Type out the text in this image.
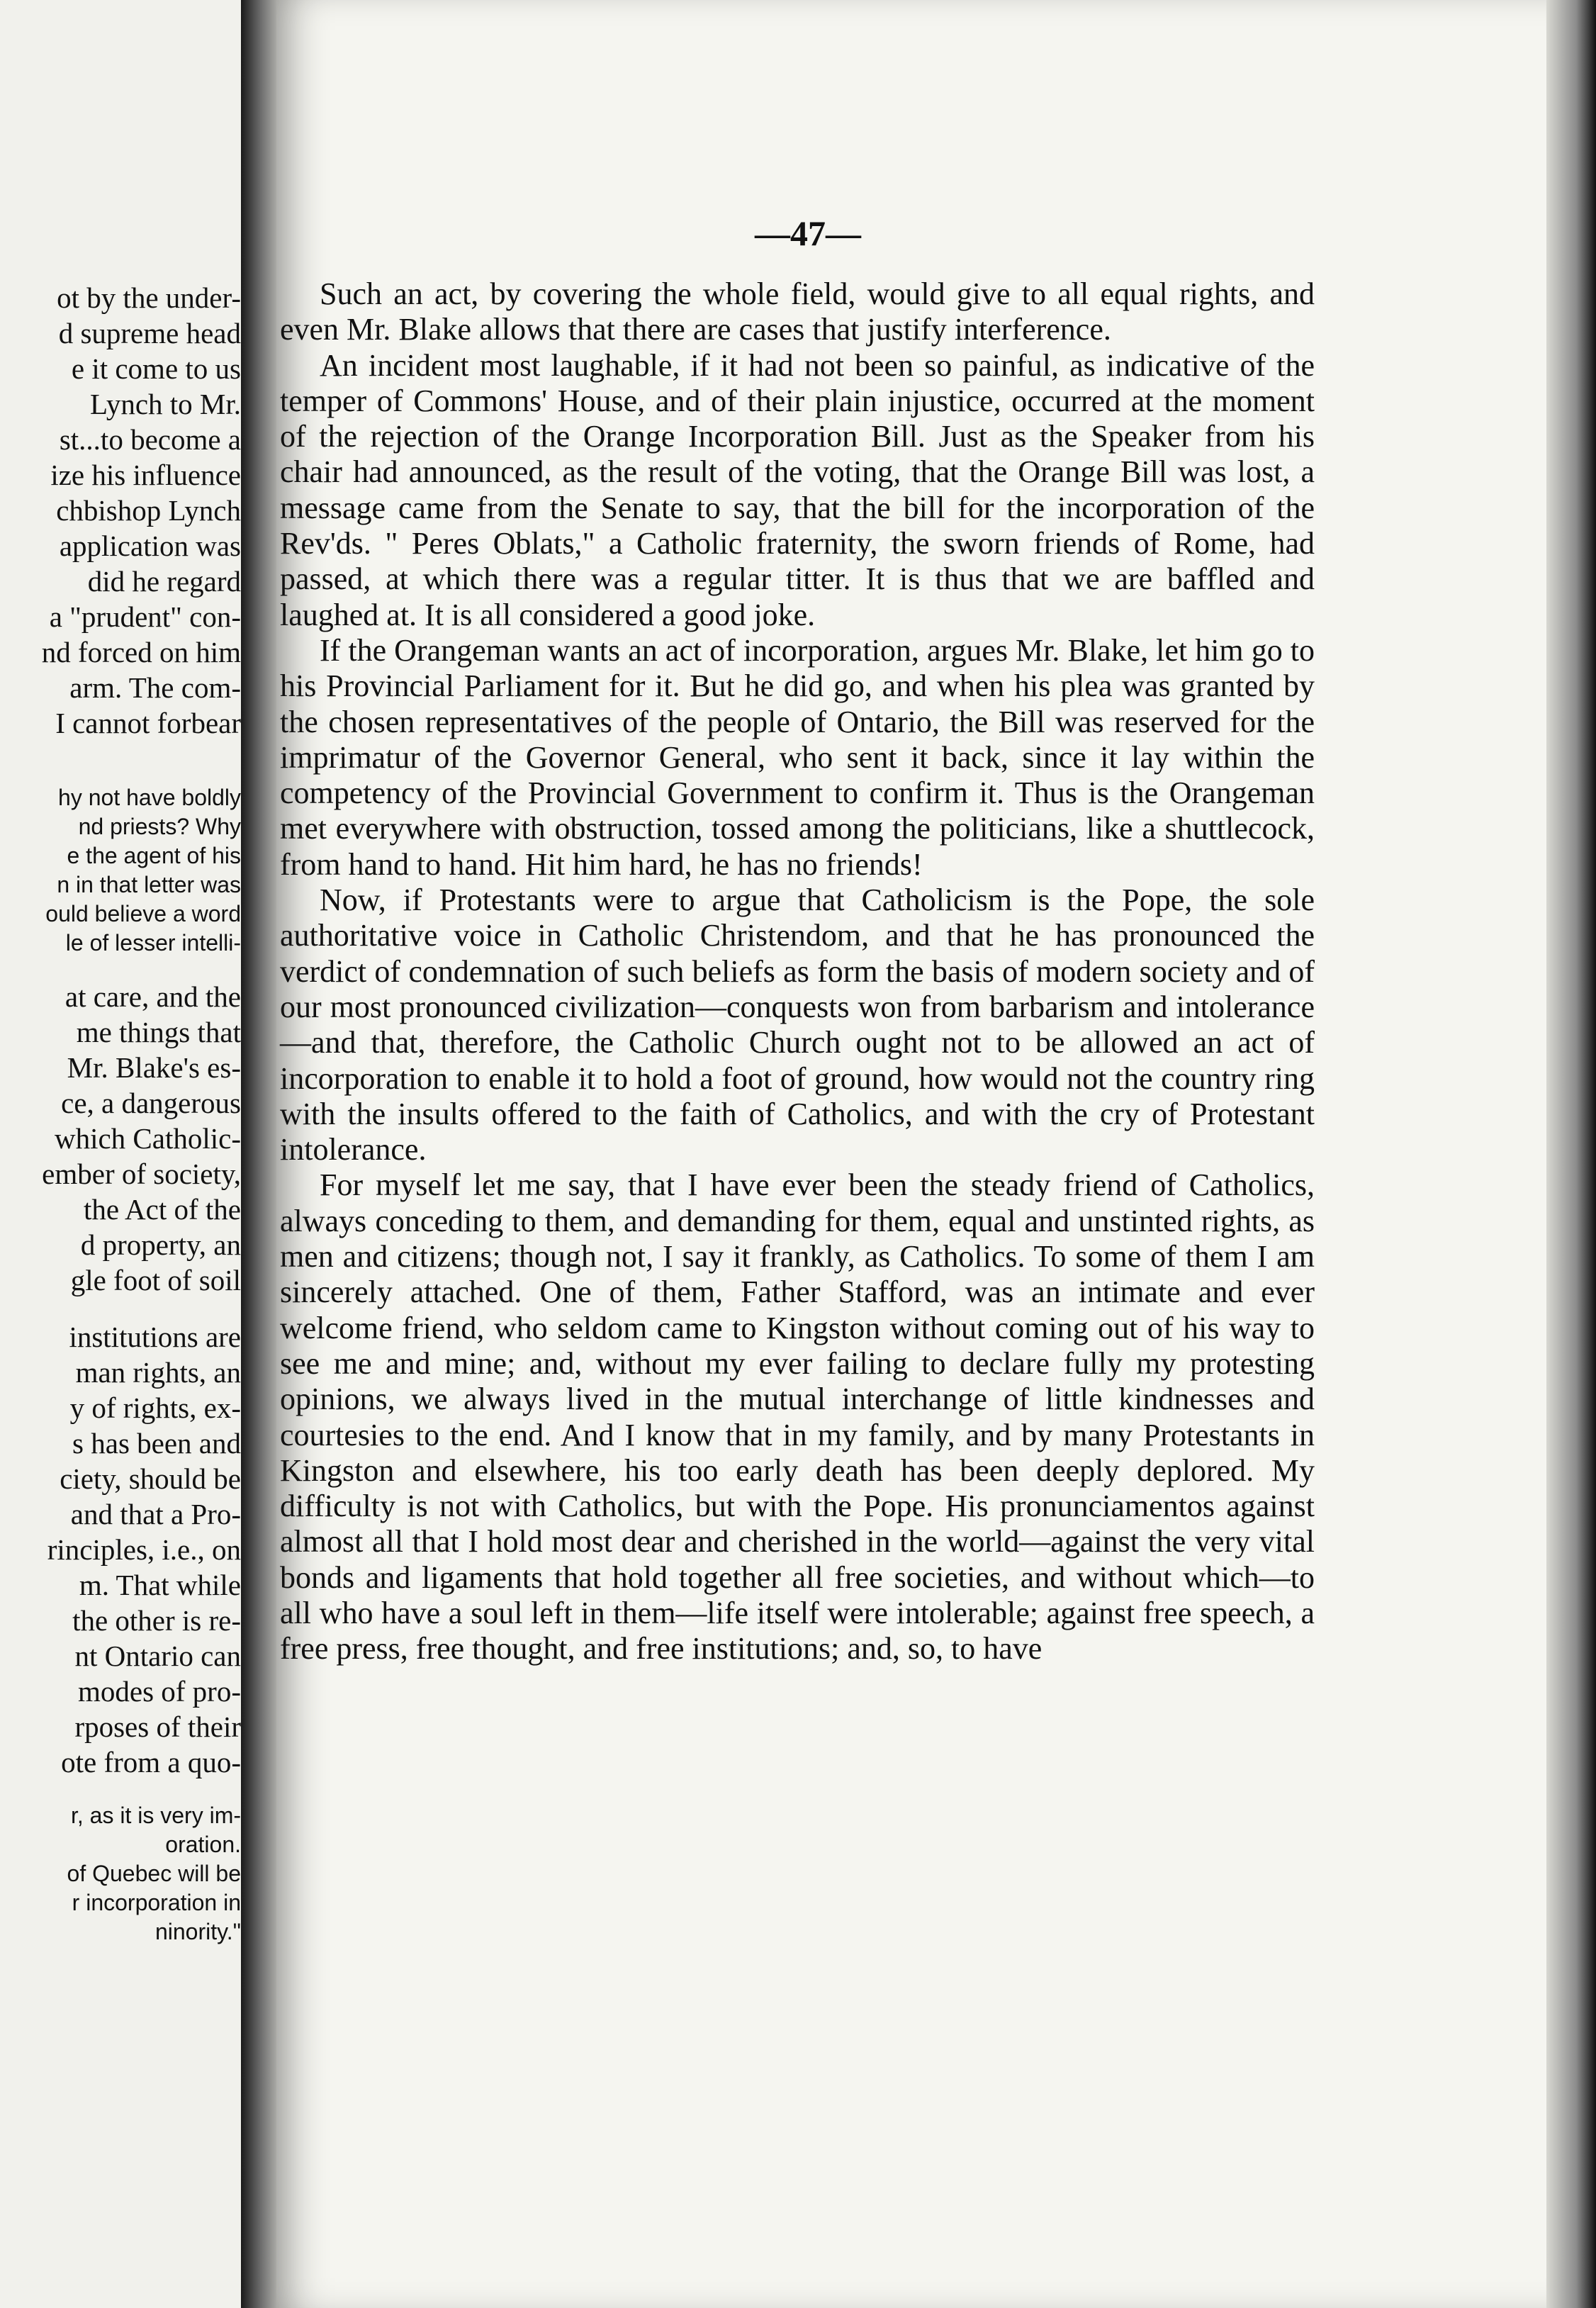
ot by the under-
d supreme head
e it come to us
Lynch to Mr.
st...to become a
ize his influence
chbishop Lynch
application was
did he regard
a "prudent" con-
nd forced on him
arm. The com-
I cannot forbear
hy not have boldly
nd priests? Why
e the agent of his
n in that letter was
ould believe a word
le of lesser intelli-
at care, and the
me things that
Mr. Blake's es-
ce, a dangerous
which Catholic-
ember of society,
the Act of the
d property, an
gle foot of soil
institutions are
man rights, an
y of rights, ex-
s has been and
ciety, should be
and that a Pro-
rinciples, i.e., on
m. That while
the other is re-
nt Ontario can
modes of pro-
rposes of their
ote from a quo-
r, as it is very im-
oration.
of Quebec will be
r incorporation in
ninority."
—47—

Such an act, by covering the whole field, would give to all equal rights, and even Mr. Blake allows that there are cases that justify interference.

An incident most laughable, if it had not been so painful, as indicative of the temper of Commons' House, and of their plain injustice, occurred at the moment of the rejection of the Orange Incorporation Bill. Just as the Speaker from his chair had announced, as the result of the voting, that the Orange Bill was lost, a message came from the Senate to say, that the bill for the incorporation of the Rev'ds. " Peres Oblats," a Catholic fraternity, the sworn friends of Rome, had passed, at which there was a regular titter. It is thus that we are baffled and laughed at. It is all considered a good joke.

If the Orangeman wants an act of incorporation, argues Mr. Blake, let him go to his Provincial Parliament for it. But he did go, and when his plea was granted by the chosen representatives of the people of Ontario, the Bill was reserved for the imprimatur of the Governor General, who sent it back, since it lay within the competency of the Provincial Government to confirm it. Thus is the Orangeman met everywhere with obstruction, tossed among the politicians, like a shuttlecock, from hand to hand. Hit him hard, he has no friends!

Now, if Protestants were to argue that Catholicism is the Pope, the sole authoritative voice in Catholic Christendom, and that he has pronounced the verdict of condemnation of such beliefs as form the basis of modern society and of our most pronounced civilization—conquests won from barbarism and intolerance—and that, therefore, the Catholic Church ought not to be allowed an act of incorporation to enable it to hold a foot of ground, how would not the country ring with the insults offered to the faith of Catholics, and with the cry of Protestant intolerance.

For myself let me say, that I have ever been the steady friend of Catholics, always conceding to them, and demanding for them, equal and unstinted rights, as men and citizens; though not, I say it frankly, as Catholics. To some of them I am sincerely attached. One of them, Father Stafford, was an intimate and ever welcome friend, who seldom came to Kingston without coming out of his way to see me and mine; and, without my ever failing to declare fully my protesting opinions, we always lived in the mutual interchange of little kindnesses and courtesies to the end. And I know that in my family, and by many Protestants in Kingston and elsewhere, his too early death has been deeply deplored. My difficulty is not with Catholics, but with the Pope. His pronunciamentos against almost all that I hold most dear and cherished in the world—against the very vital bonds and ligaments that hold together all free societies, and without which—to all who have a soul left in them—life itself were intolerable; against free speech, a free press, free thought, and free institutions; and, so, to have
